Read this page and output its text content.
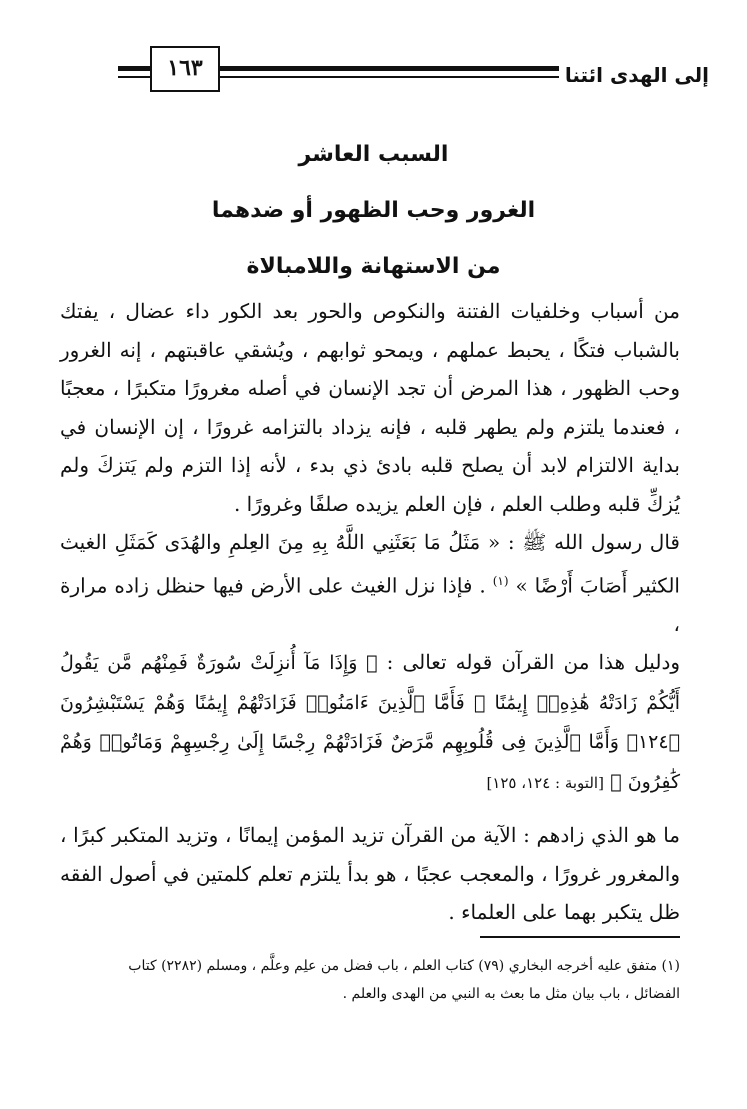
١٦٣	إلى الهدى ائتنا
السبب العاشر
الغرور وحب الظهور أو ضدهما
من الاستهانة واللامبالاة

من أسباب وخلفيات الفتنة والنكوص والحور بعد الكور داء عضال ، يفتك بالشباب فتكًا ، يحبط عملهم ، ويمحو ثوابهم ، ويُشقي عاقبتهم ، إنه الغرور وحب الظهور ، هذا المرض أن تجد الإنسان في أصله مغرورًا متكبرًا ، معجبًا ، فعندما يلتزم ولم يطهر قلبه ، فإنه يزداد بالتزامه غرورًا ، إن الإنسان في بداية الالتزام لابد أن يصلح قلبه بادئ ذي بدء ، لأنه إذا التزم ولم يَتزكَ ولم يُزكِّ قلبه وطلب العلم ، فإن العلم يزيده صلفًا وغرورًا .

قال رسول الله ﷺ : « مَثَلُ مَا بَعَثَنِي اللَّهُ بِهِ مِنَ العِلمِ والهُدَى كَمَثَلِ الغيث الكثير أَصَابَ أَرْضًا » $^{(١)}$ . فإذا نزل الغيث على الأرض فيها حنظل زاده مرارة ،

ودليل هذا من القرآن قوله تعالى : ﴿ وَإِذَا مَآ أُنزِلَتْ سُورَةٌ فَمِنْهُم مَّن يَقُولُ أَيُّكُمْ زَادَتْهُ هَٰذِهِۦٓ إِيمَٰنًا ۚ فَأَمَّا ٱلَّذِينَ ءَامَنُوا۟ فَزَادَتْهُمْ إِيمَٰنًا وَهُمْ يَسْتَبْشِرُونَ ﴿١٢٤﴾ وَأَمَّا ٱلَّذِينَ فِى قُلُوبِهِم مَّرَضٌ فَزَادَتْهُمْ رِجْسًا إِلَىٰ رِجْسِهِمْ وَمَاتُوا۟ وَهُمْ كَٰفِرُونَ ﴾ [التوبة : ١٢٤، ١٢٥]

ما هو الذي زادهم : الآية من القرآن تزيد المؤمن إيمانًا ، وتزيد المتكبر كبرًا ، والمغرور غرورًا ، والمعجب عجبًا ، هو بدأ يلتزم تعلم كلمتين في أصول الفقه ظل يتكبر بهما على العلماء .

(١) متفق عليه أخرجه البخاري (٧٩) كتاب العلم ، باب فضل من علِم وعلَّم ، ومسلم (٢٢٨٢) كتاب

الفضائل ، باب بيان مثل ما بعث به النبي من الهدى والعلم .
